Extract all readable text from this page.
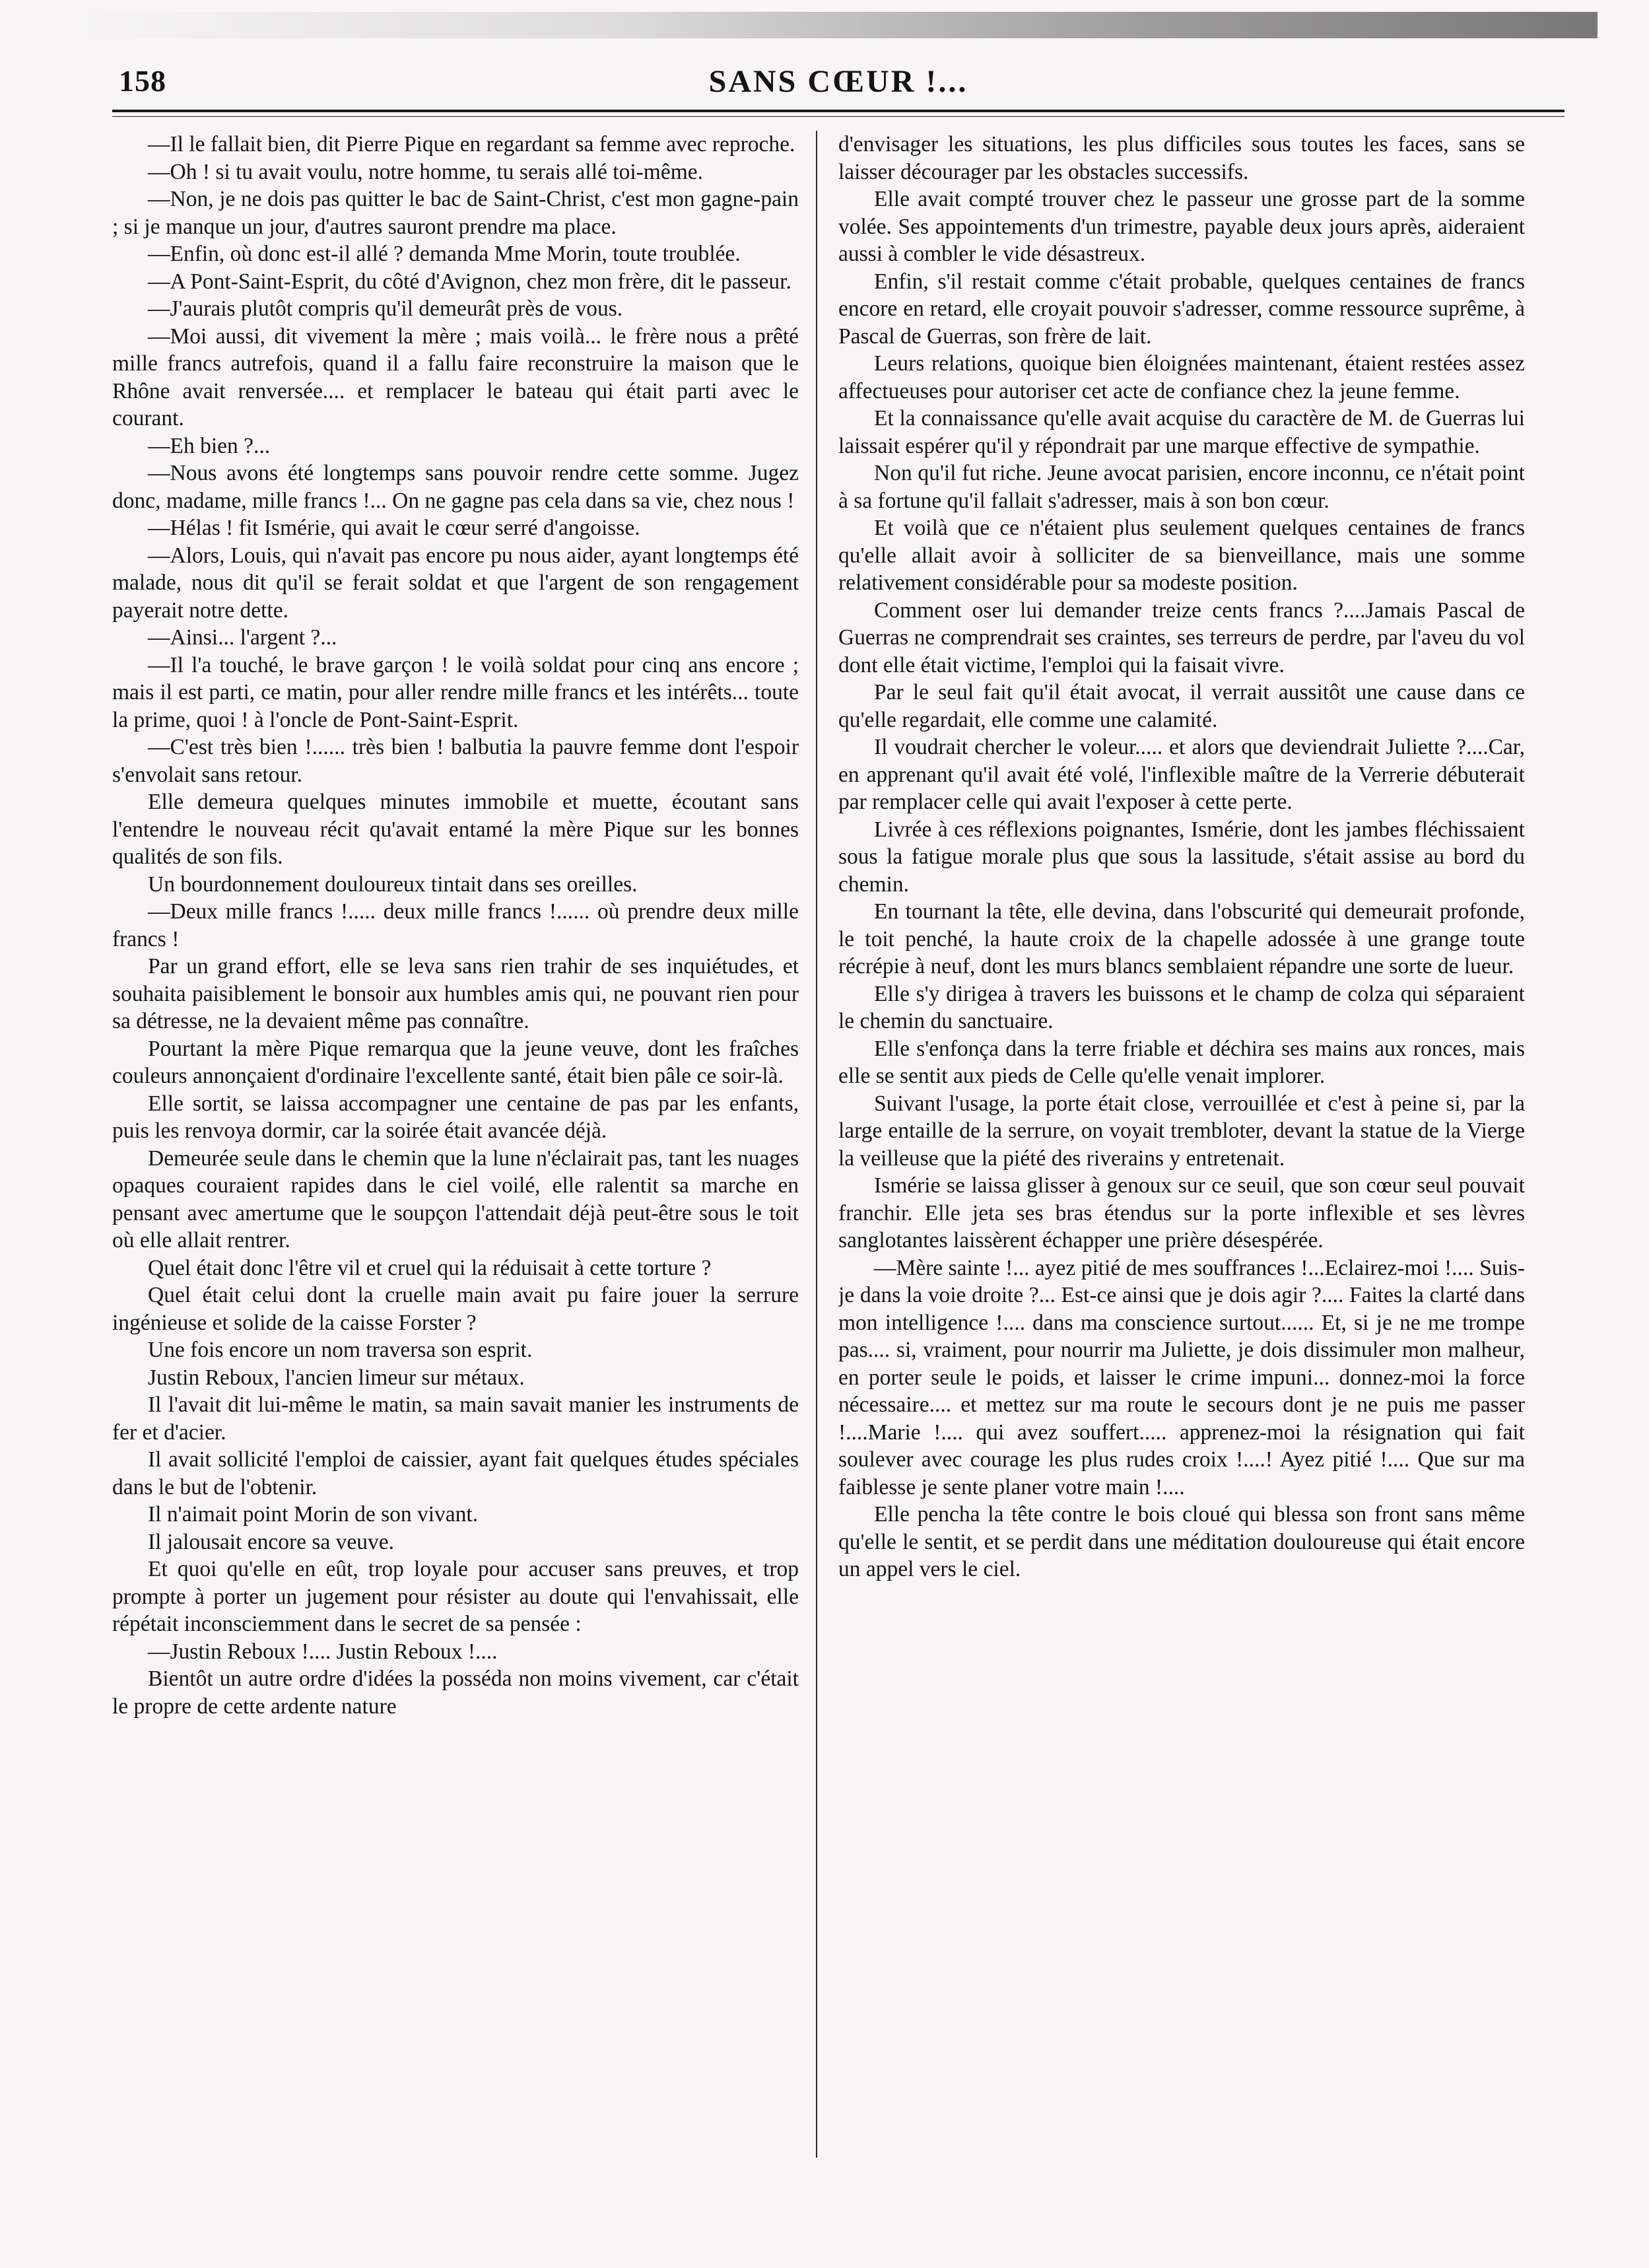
158	SANS CŒUR !...

—Il le fallait bien, dit Pierre Pique en regardant sa femme avec reproche.

—Oh ! si tu avait voulu, notre homme, tu serais allé toi-même.

—Non, je ne dois pas quitter le bac de Saint-Christ, c'est mon gagne-pain ; si je manque un jour, d'autres sauront prendre ma place.

—Enfin, où donc est-il allé ? demanda Mme Morin, toute troublée.

—A Pont-Saint-Esprit, du côté d'Avignon, chez mon frère, dit le passeur.

—J'aurais plutôt compris qu'il demeurât près de vous.

—Moi aussi, dit vivement la mère ; mais voilà... le frère nous a prêté mille francs autrefois, quand il a fallu faire reconstruire la maison que le Rhône avait renversée.... et remplacer le bateau qui était parti avec le courant.

—Eh bien ?...

—Nous avons été longtemps sans pouvoir rendre cette somme. Jugez donc, madame, mille francs !... On ne gagne pas cela dans sa vie, chez nous !

—Hélas ! fit Ismérie, qui avait le cœur serré d'angoisse.

—Alors, Louis, qui n'avait pas encore pu nous aider, ayant longtemps été malade, nous dit qu'il se ferait soldat et que l'argent de son rengagement payerait notre dette.

—Ainsi... l'argent ?...

—Il l'a touché, le brave garçon ! le voilà soldat pour cinq ans encore ; mais il est parti, ce matin, pour aller rendre mille francs et les intérêts... toute la prime, quoi ! à l'oncle de Pont-Saint-Esprit.

—C'est très bien !...... très bien ! balbutia la pauvre femme dont l'espoir s'envolait sans retour.

Elle demeura quelques minutes immobile et muette, écoutant sans l'entendre le nouveau récit qu'avait entamé la mère Pique sur les bonnes qualités de son fils.

Un bourdonnement douloureux tintait dans ses oreilles.

—Deux mille francs !..... deux mille francs !...... où prendre deux mille francs !

Par un grand effort, elle se leva sans rien trahir de ses inquiétudes, et souhaita paisiblement le bonsoir aux humbles amis qui, ne pouvant rien pour sa détresse, ne la devaient même pas connaître.

Pourtant la mère Pique remarqua que la jeune veuve, dont les fraîches couleurs annonçaient d'ordinaire l'excellente santé, était bien pâle ce soir-là.

Elle sortit, se laissa accompagner une centaine de pas par les enfants, puis les renvoya dormir, car la soirée était avancée déjà.

Demeurée seule dans le chemin que la lune n'éclairait pas, tant les nuages opaques couraient rapides dans le ciel voilé, elle ralentit sa marche en pensant avec amertume que le soupçon l'attendait déjà peut-être sous le toit où elle allait rentrer.

Quel était donc l'être vil et cruel qui la réduisait à cette torture ?

Quel était celui dont la cruelle main avait pu faire jouer la serrure ingénieuse et solide de la caisse Forster ?

Une fois encore un nom traversa son esprit.

Justin Reboux, l'ancien limeur sur métaux.

Il l'avait dit lui-même le matin, sa main savait manier les instruments de fer et d'acier.

Il avait sollicité l'emploi de caissier, ayant fait quelques études spéciales dans le but de l'obtenir.

Il n'aimait point Morin de son vivant.

Il jalousait encore sa veuve.

Et quoi qu'elle en eût, trop loyale pour accuser sans preuves, et trop prompte à porter un jugement pour résister au doute qui l'envahissait, elle répétait inconsciemment dans le secret de sa pensée :

—Justin Reboux !.... Justin Reboux !....

Bientôt un autre ordre d'idées la posséda non moins vivement, car c'était le propre de cette ardente nature

d'envisager les situations, les plus difficiles sous toutes les faces, sans se laisser décourager par les obstacles successifs.

Elle avait compté trouver chez le passeur une grosse part de la somme volée. Ses appointements d'un trimestre, payable deux jours après, aideraient aussi à combler le vide désastreux.

Enfin, s'il restait comme c'était probable, quelques centaines de francs encore en retard, elle croyait pouvoir s'adresser, comme ressource suprême, à Pascal de Guerras, son frère de lait.

Leurs relations, quoique bien éloignées maintenant, étaient restées assez affectueuses pour autoriser cet acte de confiance chez la jeune femme.

Et la connaissance qu'elle avait acquise du caractère de M. de Guerras lui laissait espérer qu'il y répondrait par une marque effective de sympathie.

Non qu'il fut riche. Jeune avocat parisien, encore inconnu, ce n'était point à sa fortune qu'il fallait s'adresser, mais à son bon cœur.

Et voilà que ce n'étaient plus seulement quelques centaines de francs qu'elle allait avoir à solliciter de sa bienveillance, mais une somme relativement considérable pour sa modeste position.

Comment oser lui demander treize cents francs ?....Jamais Pascal de Guerras ne comprendrait ses craintes, ses terreurs de perdre, par l'aveu du vol dont elle était victime, l'emploi qui la faisait vivre.

Par le seul fait qu'il était avocat, il verrait aussitôt une cause dans ce qu'elle regardait, elle comme une calamité.

Il voudrait chercher le voleur..... et alors que deviendrait Juliette ?....Car, en apprenant qu'il avait été volé, l'inflexible maître de la Verrerie débuterait par remplacer celle qui avait l'exposer à cette perte.

Livrée à ces réflexions poignantes, Ismérie, dont les jambes fléchissaient sous la fatigue morale plus que sous la lassitude, s'était assise au bord du chemin.

En tournant la tête, elle devina, dans l'obscurité qui demeurait profonde, le toit penché, la haute croix de la chapelle adossée à une grange toute récrépie à neuf, dont les murs blancs semblaient répandre une sorte de lueur.

Elle s'y dirigea à travers les buissons et le champ de colza qui séparaient le chemin du sanctuaire.

Elle s'enfonça dans la terre friable et déchira ses mains aux ronces, mais elle se sentit aux pieds de Celle qu'elle venait implorer.

Suivant l'usage, la porte était close, verrouillée et c'est à peine si, par la large entaille de la serrure, on voyait trembloter, devant la statue de la Vierge la veilleuse que la piété des riverains y entretenait.

Ismérie se laissa glisser à genoux sur ce seuil, que son cœur seul pouvait franchir. Elle jeta ses bras étendus sur la porte inflexible et ses lèvres sanglotantes laissèrent échapper une prière désespérée.

—Mère sainte !... ayez pitié de mes souffrances !...Eclairez-moi !.... Suis-je dans la voie droite ?... Est-ce ainsi que je dois agir ?.... Faites la clarté dans mon intelligence !.... dans ma conscience surtout...... Et, si je ne me trompe pas.... si, vraiment, pour nourrir ma Juliette, je dois dissimuler mon malheur, en porter seule le poids, et laisser le crime impuni... donnez-moi la force nécessaire.... et mettez sur ma route le secours dont je ne puis me passer !....Marie !.... qui avez souffert..... apprenez-moi la résignation qui fait soulever avec courage les plus rudes croix !....! Ayez pitié !.... Que sur ma faiblesse je sente planer votre main !....

Elle pencha la tête contre le bois cloué qui blessa son front sans même qu'elle le sentit, et se perdit dans une méditation douloureuse qui était encore un appel vers le ciel.
